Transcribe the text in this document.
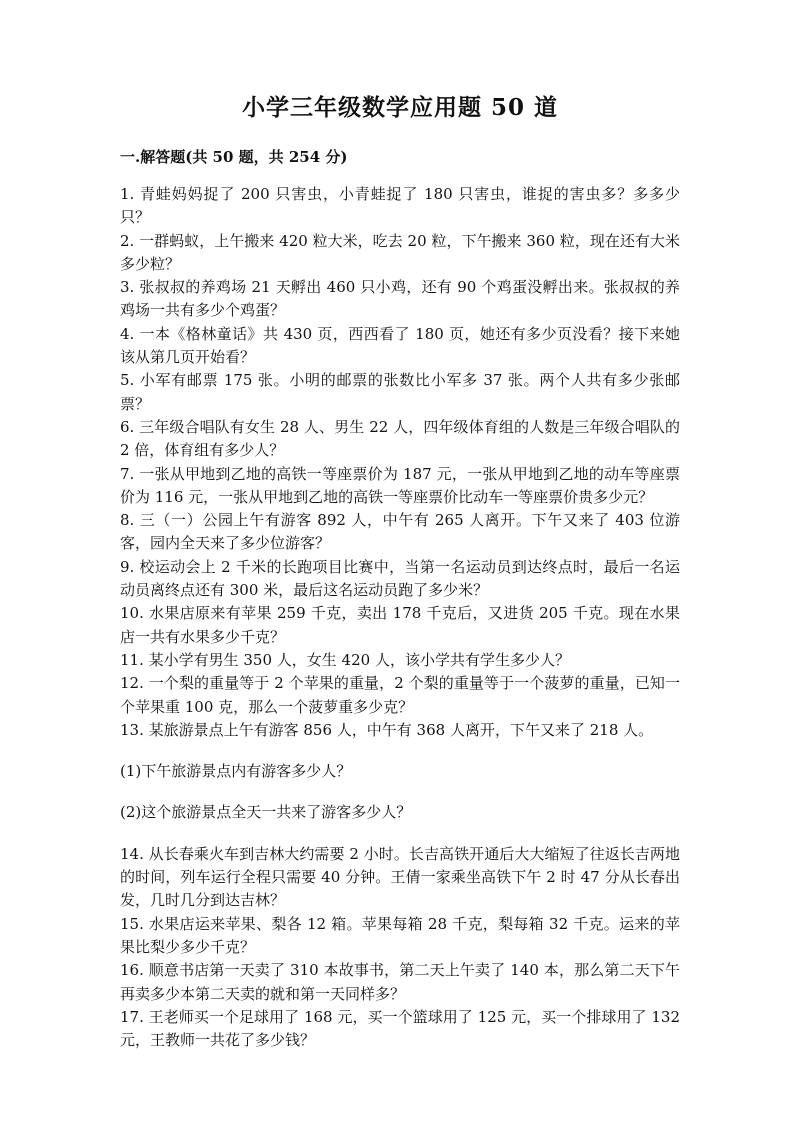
小学三年级数学应用题 50 道
一.解答题(共 50 题，共 254 分)

1. 青蛙妈妈捉了 200 只害虫，小青蛙捉了 180 只害虫，谁捉的害虫多？多多少只？

2. 一群蚂蚁，上午搬来 420 粒大米，吃去 20 粒，下午搬来 360 粒，现在还有大米多少粒？

3. 张叔叔的养鸡场 21 天孵出 460 只小鸡，还有 90 个鸡蛋没孵出来。张叔叔的养鸡场一共有多少个鸡蛋？

4. 一本《格林童话》共 430 页，西西看了 180 页，她还有多少页没看？接下来她该从第几页开始看？

5. 小军有邮票 175 张。小明的邮票的张数比小军多 37 张。两个人共有多少张邮票？

6. 三年级合唱队有女生 28 人、男生 22 人，四年级体育组的人数是三年级合唱队的 2 倍，体育组有多少人？

7. 一张从甲地到乙地的高铁一等座票价为 187 元，一张从甲地到乙地的动车等座票价为 116 元，一张从甲地到乙地的高铁一等座票价比动车一等座票价贵多少元？

8. 三（一）公园上午有游客 892 人，中午有 265 人离开。下午又来了 403 位游客，园内全天来了多少位游客？

9. 校运动会上 2 千米的长跑项目比赛中，当第一名运动员到达终点时，最后一名运动员离终点还有 300 米，最后这名运动员跑了多少米？

10. 水果店原来有苹果 259 千克，卖出 178 千克后，又进货 205 千克。现在水果店一共有水果多少千克？

11. 某小学有男生 350 人，女生 420 人，该小学共有学生多少人？

12. 一个梨的重量等于 2 个苹果的重量，2 个梨的重量等于一个菠萝的重量，已知一个苹果重 100 克，那么一个菠萝重多少克？

13. 某旅游景点上午有游客 856 人，中午有 368 人离开，下午又来了 218 人。

(1)下午旅游景点内有游客多少人？

(2)这个旅游景点全天一共来了游客多少人？

14. 从长春乘火车到吉林大约需要 2 小时。长吉高铁开通后大大缩短了往返长吉两地的时间，列车运行全程只需要 40 分钟。王倩一家乘坐高铁下午 2 时 47 分从长春出发，几时几分到达吉林？

15. 水果店运来苹果、梨各 12 箱。苹果每箱 28 千克，梨每箱 32 千克。运来的苹果比梨少多少千克？

16. 顺意书店第一天卖了 310 本故事书，第二天上午卖了 140 本，那么第二天下午再卖多少本第二天卖的就和第一天同样多？

17. 王老师买一个足球用了 168 元，买一个篮球用了 125 元，买一个排球用了 132 元，王教师一共花了多少钱？
